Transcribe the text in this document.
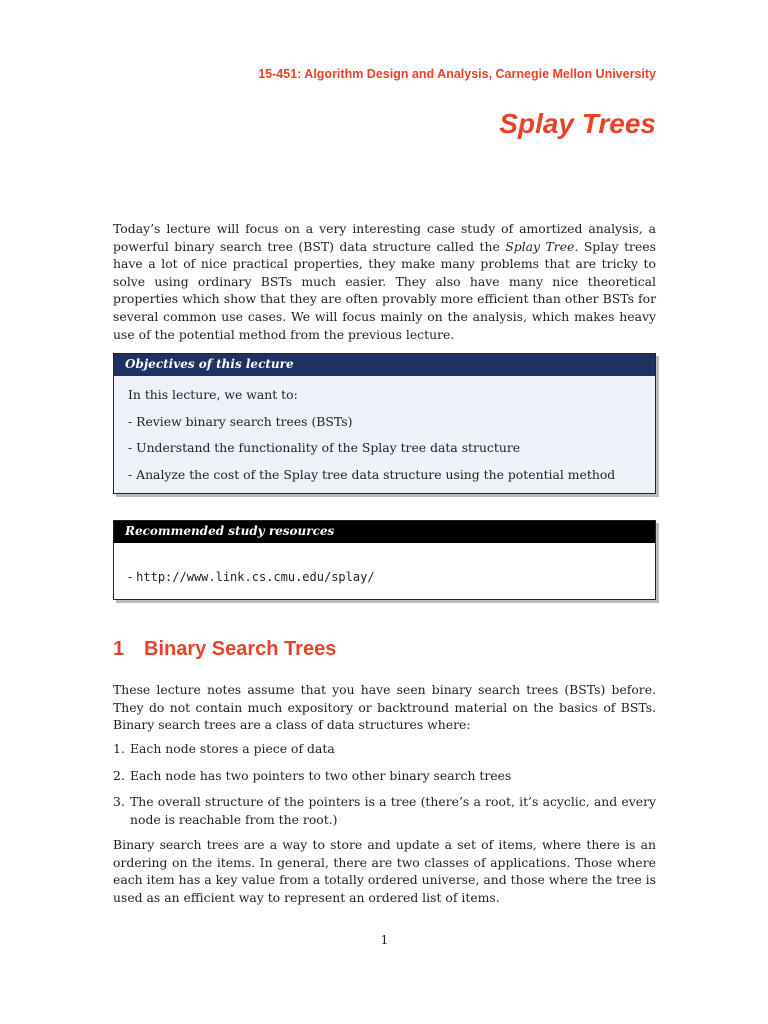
15-451: Algorithm Design and Analysis, Carnegie Mellon University
Splay Trees

Today’s lecture will focus on a very interesting case study of amortized analysis, a powerful binary search tree (BST) data structure called the Splay Tree. Splay trees have a lot of nice practical properties, they make many problems that are tricky to solve using ordinary BSTs much easier. They also have many nice theoretical properties which show that they are often provably more efficient than other BSTs for several common use cases. We will focus mainly on the analysis, which makes heavy use of the potential method from the previous lecture.

Objectives of this lecture
In this lecture, we want to:
- Review binary search trees (BSTs)
- Understand the functionality of the Splay tree data structure
- Analyze the cost of the Splay tree data structure using the potential method
Recommended study resources
- http://www.link.cs.cmu.edu/splay/
1 Binary Search Trees

These lecture notes assume that you have seen binary search trees (BSTs) before. They do not contain much expository or backtround material on the basics of BSTs. Binary search trees are a class of data structures where:

1. Each node stores a piece of data
2. Each node has two pointers to two other binary search trees
3. The overall structure of the pointers is a tree (there’s a root, it’s acyclic, and every node is reachable from the root.)

Binary search trees are a way to store and update a set of items, where there is an ordering on the items. In general, there are two classes of applications. Those where each item has a key value from a totally ordered universe, and those where the tree is used as an efficient way to represent an ordered list of items.

1
